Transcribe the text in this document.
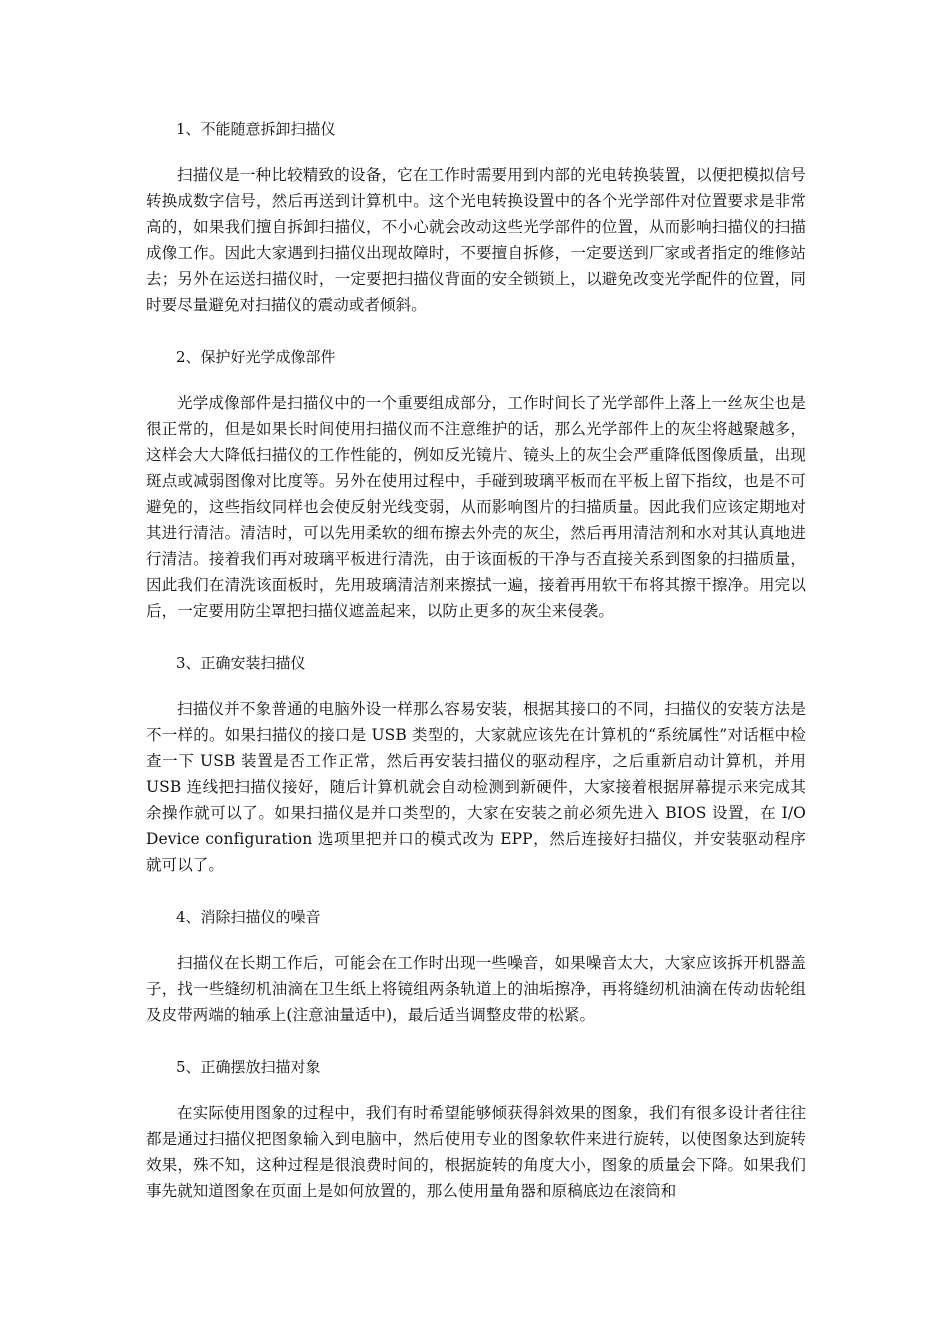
1、不能随意拆卸扫描仪

扫描仪是一种比较精致的设备，它在工作时需要用到内部的光电转换装置，以便把模拟信号转换成数字信号，然后再送到计算机中。这个光电转换设置中的各个光学部件对位置要求是非常高的，如果我们擅自拆卸扫描仪，不小心就会改动这些光学部件的位置，从而影响扫描仪的扫描成像工作。因此大家遇到扫描仪出现故障时，不要擅自拆修，一定要送到厂家或者指定的维修站去；另外在运送扫描仪时，一定要把扫描仪背面的安全锁锁上，以避免改变光学配件的位置，同时要尽量避免对扫描仪的震动或者倾斜。

2、保护好光学成像部件

光学成像部件是扫描仪中的一个重要组成部分，工作时间长了光学部件上落上一丝灰尘也是很正常的，但是如果长时间使用扫描仪而不注意维护的话，那么光学部件上的灰尘将越聚越多，这样会大大降低扫描仪的工作性能的，例如反光镜片、镜头上的灰尘会严重降低图像质量，出现斑点或减弱图像对比度等。另外在使用过程中，手碰到玻璃平板而在平板上留下指纹，也是不可避免的，这些指纹同样也会使反射光线变弱，从而影响图片的扫描质量。因此我们应该定期地对其进行清洁。清洁时，可以先用柔软的细布擦去外壳的灰尘，然后再用清洁剂和水对其认真地进行清洁。接着我们再对玻璃平板进行清洗，由于该面板的干净与否直接关系到图象的扫描质量，因此我们在清洗该面板时，先用玻璃清洁剂来擦拭一遍，接着再用软干布将其擦干擦净。用完以后，一定要用防尘罩把扫描仪遮盖起来，以防止更多的灰尘来侵袭。

3、正确安装扫描仪

扫描仪并不象普通的电脑外设一样那么容易安装，根据其接口的不同，扫描仪的安装方法是不一样的。如果扫描仪的接口是 USB 类型的，大家就应该先在计算机的“系统属性”对话框中检查一下 USB 装置是否工作正常，然后再安装扫描仪的驱动程序，之后重新启动计算机，并用 USB 连线把扫描仪接好，随后计算机就会自动检测到新硬件，大家接着根据屏幕提示来完成其余操作就可以了。如果扫描仪是并口类型的，大家在安装之前必须先进入 BIOS 设置，在 I/O Device configuration 选项里把并口的模式改为 EPP，然后连接好扫描仪，并安装驱动程序就可以了。

4、消除扫描仪的噪音

扫描仪在长期工作后，可能会在工作时出现一些噪音，如果噪音太大，大家应该拆开机器盖子，找一些缝纫机油滴在卫生纸上将镜组两条轨道上的油垢擦净，再将缝纫机油滴在传动齿轮组及皮带两端的轴承上(注意油量适中)，最后适当调整皮带的松紧。

5、正确摆放扫描对象

在实际使用图象的过程中，我们有时希望能够倾获得斜效果的图象，我们有很多设计者往往都是通过扫描仪把图象输入到电脑中，然后使用专业的图象软件来进行旋转，以使图象达到旋转效果，殊不知，这种过程是很浪费时间的，根据旋转的角度大小，图象的质量会下降。如果我们事先就知道图象在页面上是如何放置的，那么使用量角器和原稿底边在滚筒和
